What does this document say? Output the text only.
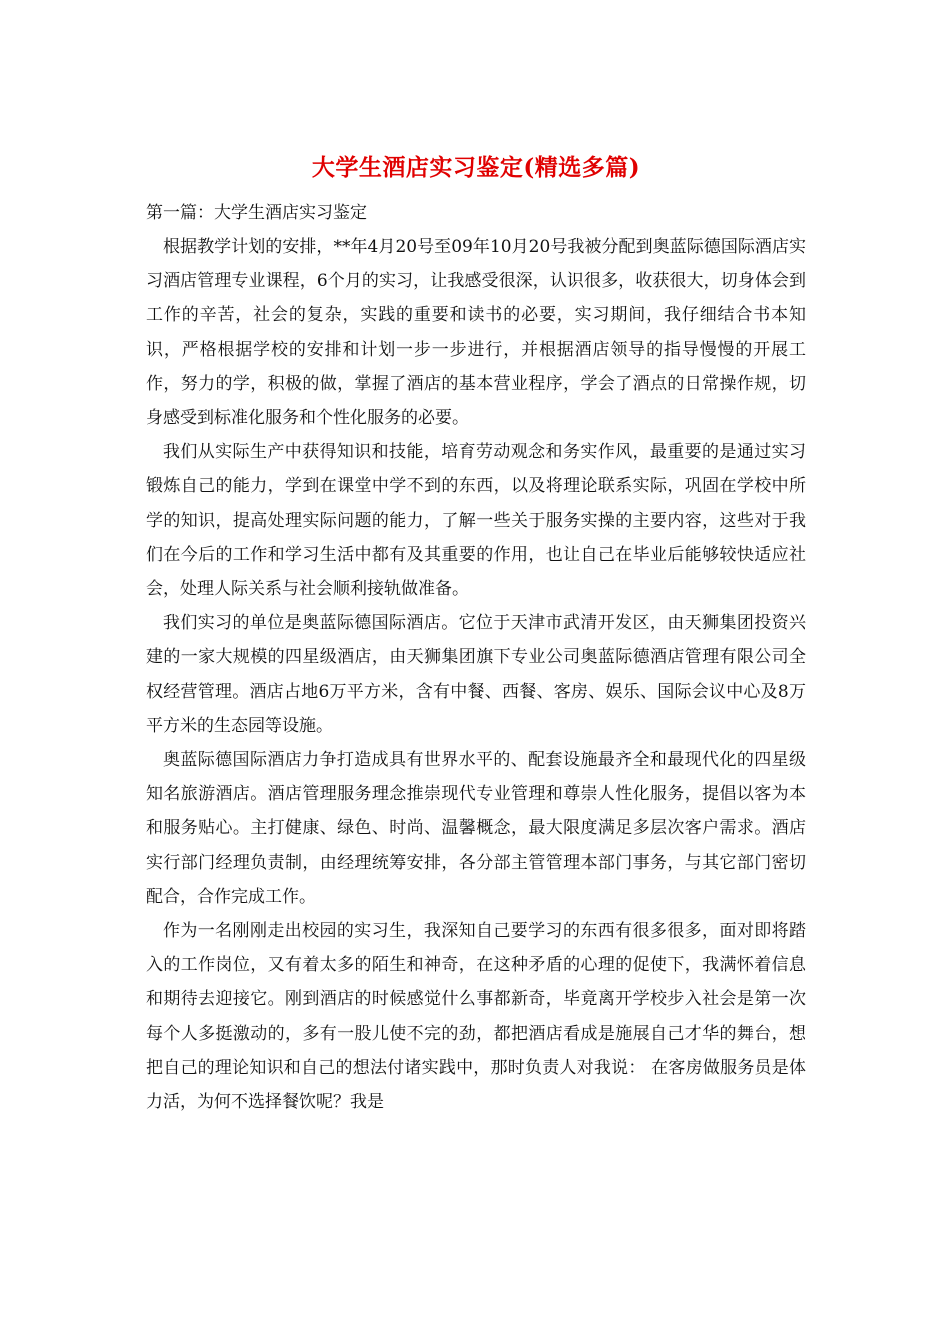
大学生酒店实习鉴定(精选多篇)

第一篇：大学生酒店实习鉴定

根据教学计划的安排，**年4月20号至09年10月20号我被分配到奥蓝际德国际酒店实习酒店管理专业课程，6个月的实习，让我感受很深，认识很多，收获很大，切身体会到工作的辛苦，社会的复杂，实践的重要和读书的必要，实习期间，我仔细结合书本知识，严格根据学校的安排和计划一步一步进行，并根据酒店领导的指导慢慢的开展工作，努力的学，积极的做，掌握了酒店的基本营业程序，学会了酒点的日常操作规，切身感受到标准化服务和个性化服务的必要。

我们从实际生产中获得知识和技能，培育劳动观念和务实作风，最重要的是通过实习锻炼自己的能力，学到在课堂中学不到的东西，以及将理论联系实际，巩固在学校中所学的知识，提高处理实际问题的能力，了解一些关于服务实操的主要内容，这些对于我们在今后的工作和学习生活中都有及其重要的作用，也让自己在毕业后能够较快适应社会，处理人际关系与社会顺利接轨做准备。

我们实习的单位是奥蓝际德国际酒店。它位于天津市武清开发区，由天狮集团投资兴建的一家大规模的四星级酒店，由天狮集团旗下专业公司奥蓝际德酒店管理有限公司全权经营管理。酒店占地6万平方米，含有中餐、西餐、客房、娱乐、国际会议中心及8万平方米的生态园等设施。

奥蓝际德国际酒店力争打造成具有世界水平的、配套设施最齐全和最现代化的四星级知名旅游酒店。酒店管理服务理念推崇现代专业管理和尊崇人性化服务，提倡以客为本和服务贴心。主打健康、绿色、时尚、温馨概念，最大限度满足多层次客户需求。酒店实行部门经理负责制，由经理统筹安排，各分部主管管理本部门事务，与其它部门密切配合，合作完成工作。

作为一名刚刚走出校园的实习生，我深知自己要学习的东西有很多很多，面对即将踏入的工作岗位，又有着太多的陌生和神奇，在这种矛盾的心理的促使下，我满怀着信息和期待去迎接它。刚到酒店的时候感觉什么事都新奇，毕竟离开学校步入社会是第一次每个人多挺激动的，多有一股儿使不完的劲，都把酒店看成是施展自己才华的舞台，想把自己的理论知识和自己的想法付诸实践中，那时负责人对我说： 在客房做服务员是体力活，为何不选择餐饮呢？我是
